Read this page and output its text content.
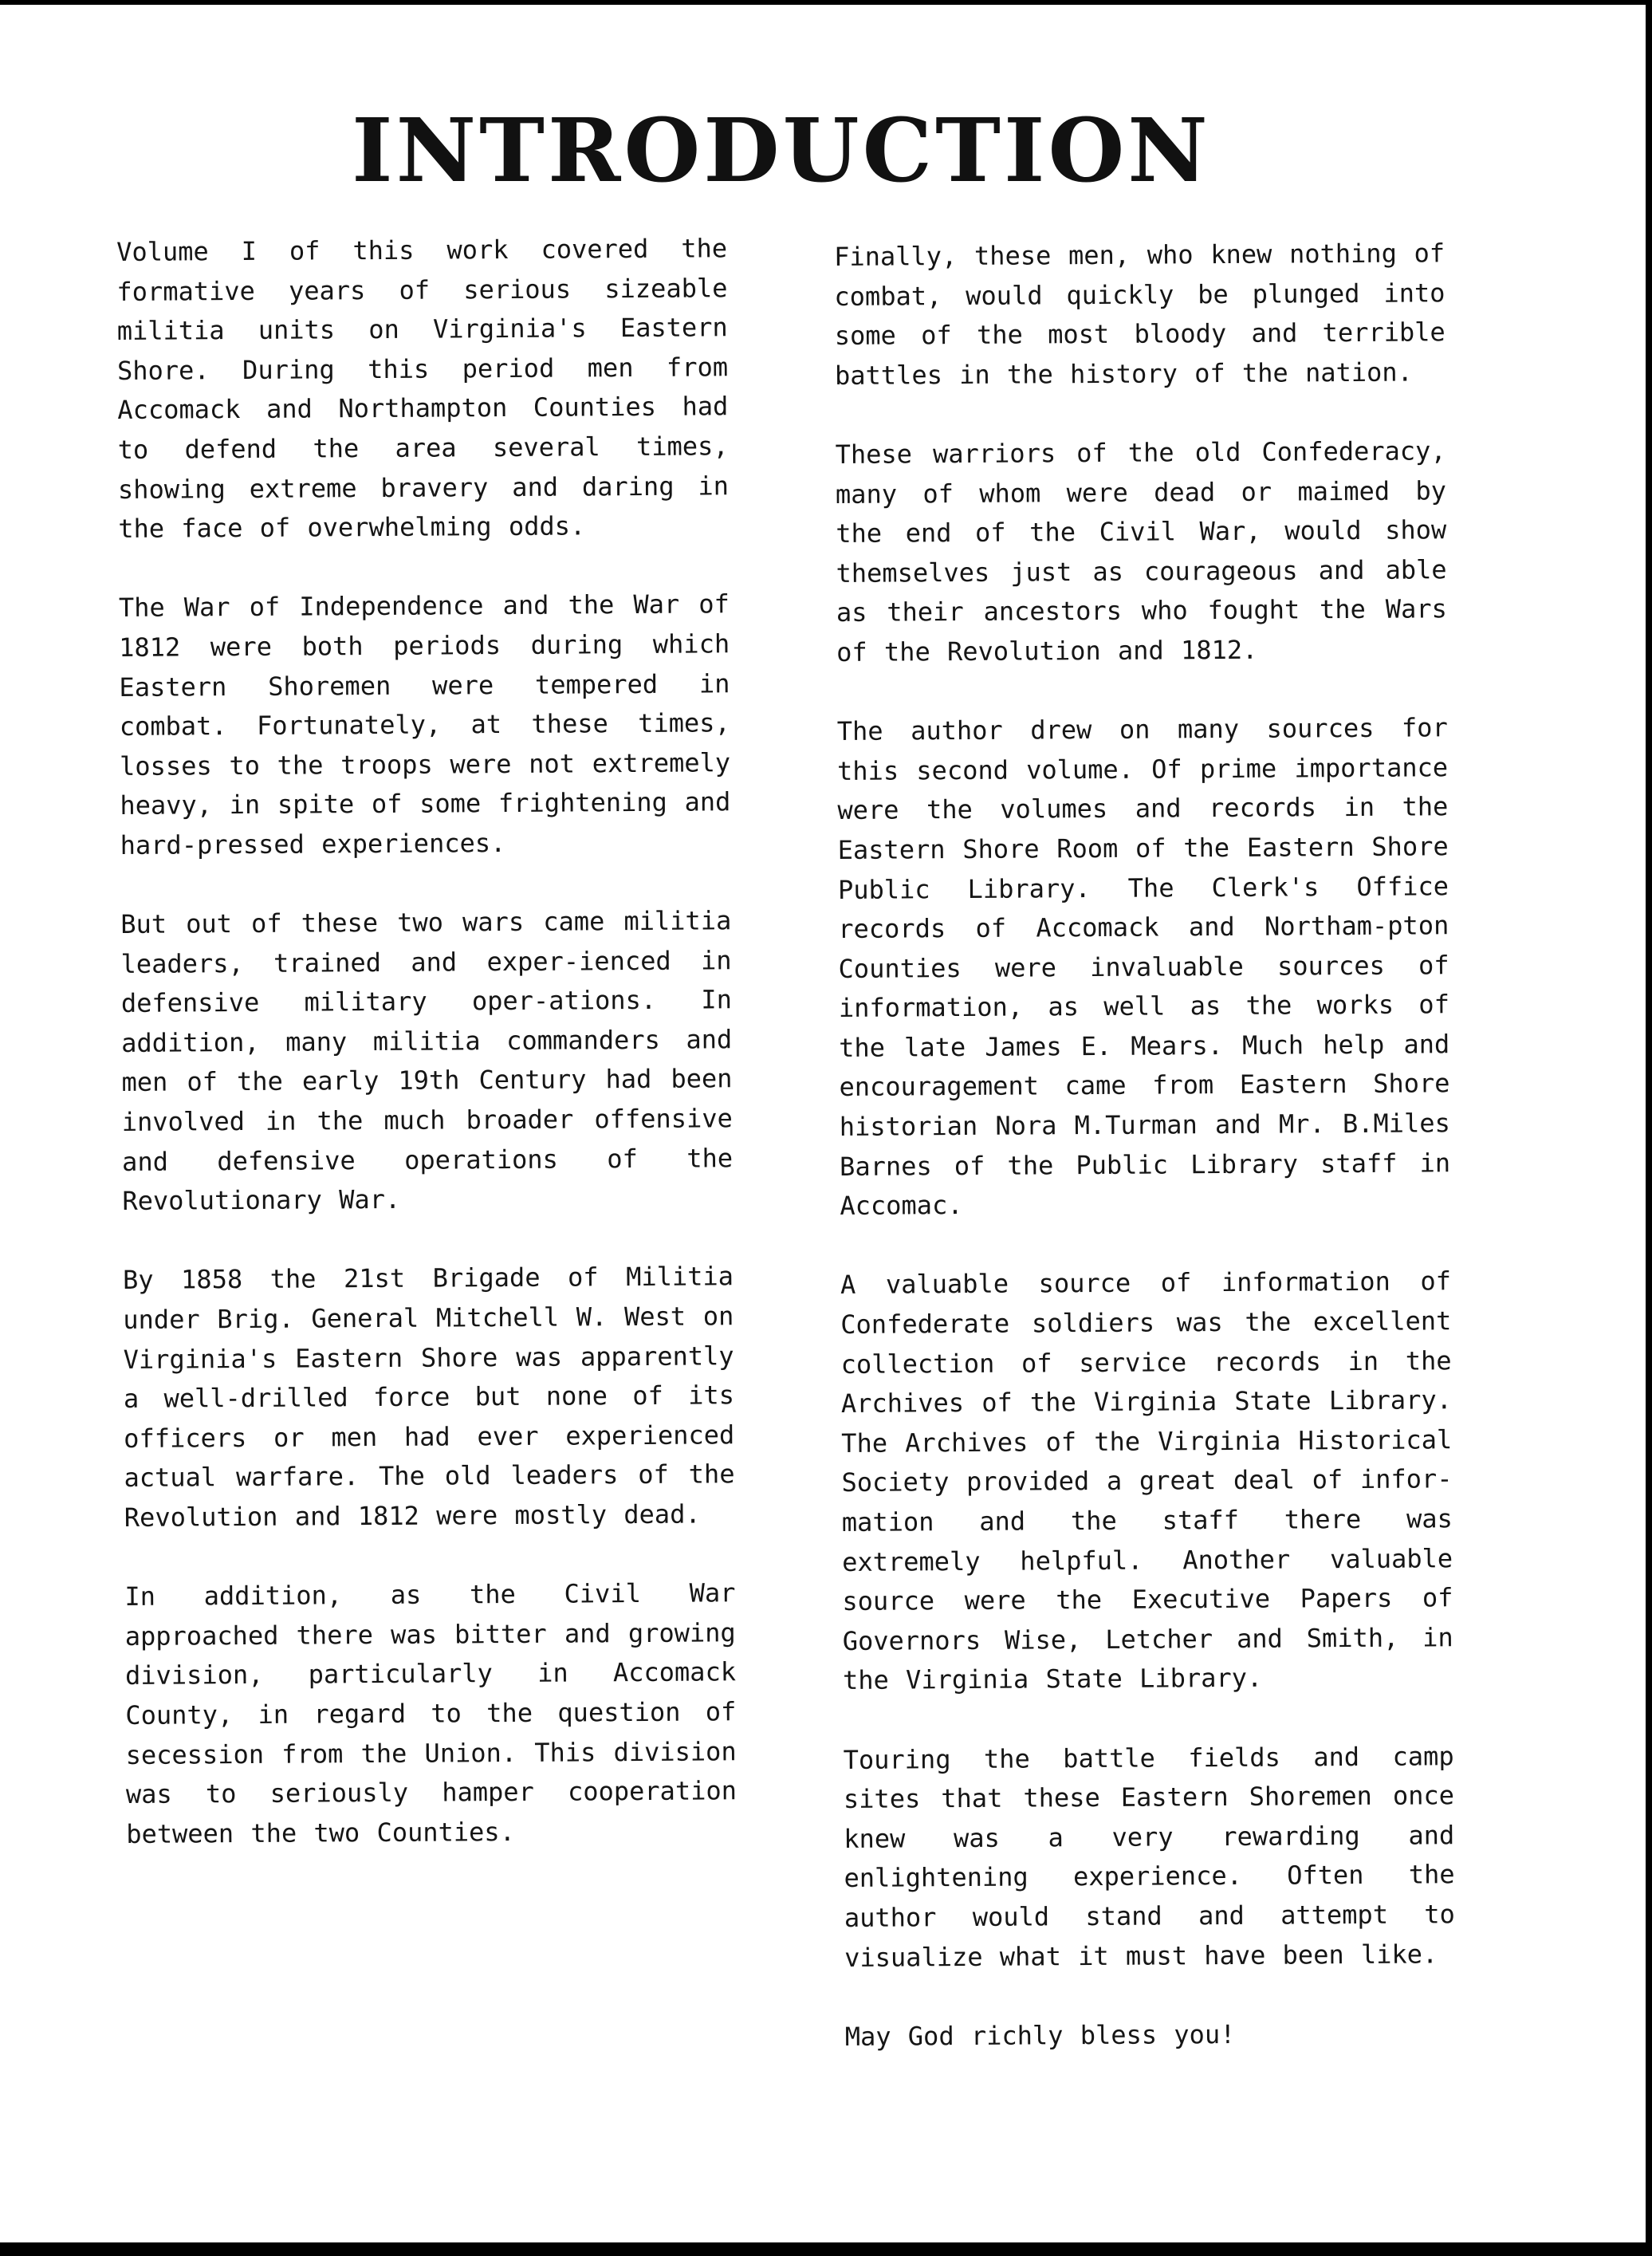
INTRODUCTION

Volume I of this work covered the formative years of serious sizeable militia units on Virginia's Eastern Shore. During this period men from Accomack and Northampton Counties had to defend the area several times, showing extreme bravery and daring in the face of overwhelming odds.

The War of Independence and the War of 1812 were both periods during which Eastern Shoremen were tempered in combat. Fortunately, at these times, losses to the troops were not extremely heavy, in spite of some frightening and hard-pressed experiences.

But out of these two wars came militia leaders, trained and exper-ienced in defensive military oper-ations. In addition, many militia commanders and men of the early 19th Century had been involved in the much broader offensive and defensive operations of the Revolutionary War.

By 1858 the 21st Brigade of Militia under Brig. General Mitchell W. West on Virginia's Eastern Shore was apparently a well-drilled force but none of its officers or men had ever experienced actual warfare. The old leaders of the Revolution and 1812 were mostly dead.

In addition, as the Civil War approached there was bitter and growing division, particularly in Accomack County, in regard to the question of secession from the Union. This division was to seriously hamper cooperation between the two Counties.

Finally, these men, who knew nothing of combat, would quickly be plunged into some of the most bloody and terrible battles in the history of the nation.

These warriors of the old Confederacy, many of whom were dead or maimed by the end of the Civil War, would show themselves just as courageous and able as their ancestors who fought the Wars of the Revolution and 1812.

The author drew on many sources for this second volume. Of prime importance were the volumes and records in the Eastern Shore Room of the Eastern Shore Public Library. The Clerk's Office records of Accomack and Northam-pton Counties were invaluable sources of information, as well as the works of the late James E. Mears. Much help and encouragement came from Eastern Shore historian Nora M.Turman and Mr. B.Miles Barnes of the Public Library staff in Accomac.

A valuable source of information of Confederate soldiers was the excellent collection of service records in the Archives of the Virginia State Library. The Archives of the Virginia Historical Society provided a great deal of infor-mation and the staff there was extremely helpful. Another valuable source were the Executive Papers of Governors Wise, Letcher and Smith, in the Virginia State Library.

Touring the battle fields and camp sites that these Eastern Shoremen once knew was a very rewarding and enlightening experience. Often the author would stand and attempt to visualize what it must have been like.

May God richly bless you!
